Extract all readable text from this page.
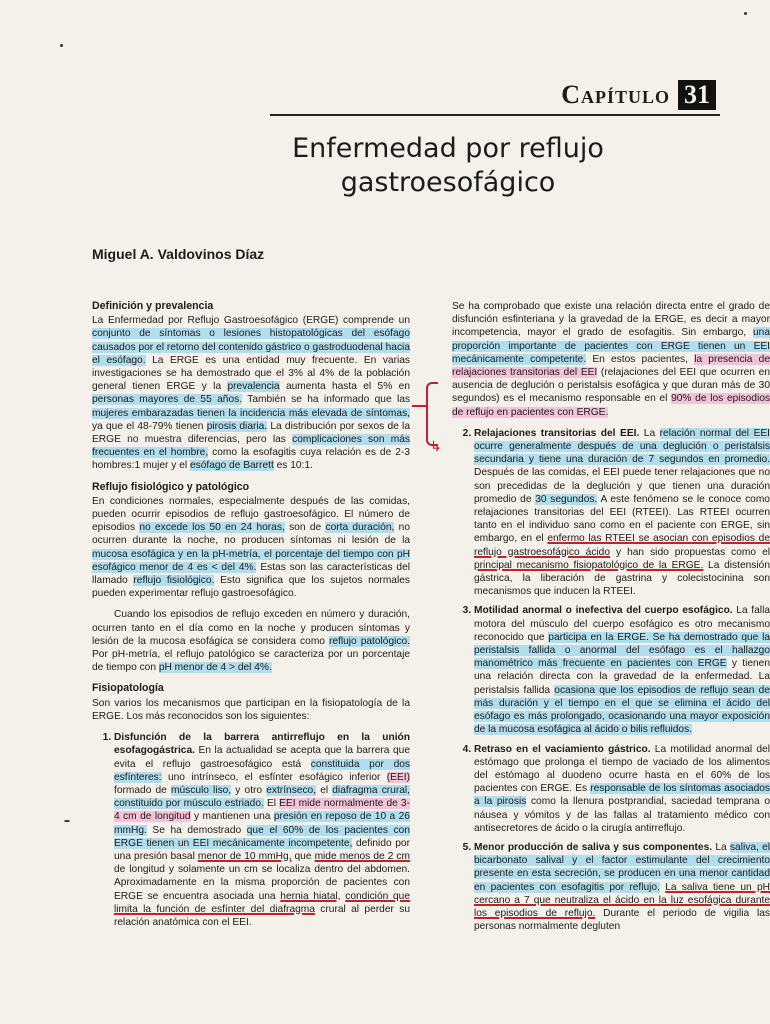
Capítulo 31
Enfermedad por reflujo
gastroesofágico
Miguel A. Valdovinos Díaz
Definición y prevalencia

La Enfermedad por Reflujo Gastroesofágico (ERGE) comprende un conjunto de síntomas o lesiones histopatológicas del esófago causados por el retorno del contenido gástrico o gastroduodenal hacia el esófago. La ERGE es una entidad muy frecuente. En varias investigaciones se ha demostrado que el 3% al 4% de la población general tienen ERGE y la prevalencia aumenta hasta el 5% en personas mayores de 55 años. También se ha informado que las mujeres embarazadas tienen la incidencia más elevada de síntomas, ya que el 48-79% tienen pirosis diaria. La distribución por sexos de la ERGE no muestra diferencias, pero las complicaciones son más frecuentes en el hombre, como la esofagitis cuya relación es de 2-3 hombres:1 mujer y el esófago de Barrett es 10:1.

Reflujo fisiológico y patológico

En condiciones normales, especialmente después de las comidas, pueden ocurrir episodios de reflujo gastroesofágico. El número de episodios no excede los 50 en 24 horas, son de corta duración, no ocurren durante la noche, no producen síntomas ni lesión de la mucosa esofágica y en la pH-metría, el porcentaje del tiempo con pH esofágico menor de 4 es < del 4%. Estas son las características del llamado reflujo fisiológico. Esto significa que los sujetos normales pueden experimentar reflujo gastroesofágico.

Cuando los episodios de reflujo exceden en número y duración, ocurren tanto en el día como en la noche y producen síntomas y lesión de la mucosa esofágica se considera como reflujo patológico. Por pH-metría, el reflujo patológico se caracteriza por un porcentaje de tiempo con pH menor de 4 > del 4%.

Fisiopatología

Son varios los mecanismos que participan en la fisiopatología de la ERGE. Los más reconocidos son los siguientes:

1. Disfunción de la barrera antirreflujo en la unión esofagogástrica. En la actualidad se acepta que la barrera que evita el reflujo gastroesofágico está constituida por dos esfínteres: uno intrínseco, el esfínter esofágico inferior (EEI) formado de músculo liso, y otro extrínseco, el diafragma crural, constituido por músculo estriado. El EEI mide normalmente de 3-4 cm de longitud y mantienen una presión en reposo de 10 a 26 mmHg. Se ha demostrado que el 60% de los pacientes con ERGE tienen un EEI mecánicamente incompetente, definido por una presión basal menor de 10 mmHg, que mide menos de 2 cm de longitud y solamente un cm se localiza dentro del abdomen. Aproximadamente en la misma proporción de pacientes con ERGE se encuentra asociada una hernia hiatal, condición que limita la función de esfínter del diafragma crural al perder su relación anatómica con el EEI.

Se ha comprobado que existe una relación directa entre el grado de disfunción esfinteriana y la gravedad de la ERGE, es decir a mayor incompetencia, mayor el grado de esofagitis. Sin embargo, una proporción importante de pacientes con ERGE tienen un EEI mecánicamente competente. En estos pacientes, la presencia de relajaciones transitorias del EEI (relajaciones del EEI que ocurren en ausencia de deglución o peristalsis esofágica y que duran más de 30 segundos) es el mecanismo responsable en el 90% de los episodios de reflujo en pacientes con ERGE.

2. Relajaciones transitorias del EEI. La relación normal del EEI ocurre generalmente después de una deglución o peristalsis secundaria y tiene una duración de 7 segundos en promedio. Después de las comidas, el EEI puede tener relajaciones que no son precedidas de la deglución y que tienen una duración promedio de 30 segundos. A este fenómeno se le conoce como relajaciones transitorias del EEI (RTEEI). Las RTEEI ocurren tanto en el individuo sano como en el paciente con ERGE, sin embargo, en el enfermo las RTEEI se asocian con episodios de reflujo gastroesofágico ácido y han sido propuestas como el principal mecanismo fisiopatológico de la ERGE. La distensión gástrica, la liberación de gastrina y colecistocinina son mecanismos que inducen la RTEEI.
3. Motilidad anormal o inefectiva del cuerpo esofágico. La falla motora del músculo del cuerpo esofágico es otro mecanismo reconocido que participa en la ERGE. Se ha demostrado que la peristalsis fallida o anormal del esófago es el hallazgo manométrico más frecuente en pacientes con ERGE y tienen una relación directa con la gravedad de la enfermedad. La peristalsis fallida ocasiona que los episodios de reflujo sean de más duración y el tiempo en el que se elimina el ácido del esófago es más prolongado, ocasionando una mayor exposición de la mucosa esofágica al ácido o bilis refluidos.
4. Retraso en el vaciamiento gástrico. La motilidad anormal del estómago que prolonga el tiempo de vaciado de los alimentos del estómago al duodeno ocurre hasta en el 60% de los pacientes con ERGE. Es responsable de los síntomas asociados a la pirosis como la llenura postprandial, saciedad temprana o náusea y vómitos y de las fallas al tratamiento médico con antisecretores de ácido o la cirugía antirreflujo.
5. Menor producción de saliva y sus componentes. La saliva, el bicarbonato salival y el factor estimulante del crecimiento presente en esta secreción, se producen en una menor cantidad en pacientes con esofagitis por reflujo. La saliva tiene un pH cercano a 7 que neutraliza el ácido en la luz esofágica durante los episodios de reflujo. Durante el periodo de vigilia las personas normalmente degluten
↳
